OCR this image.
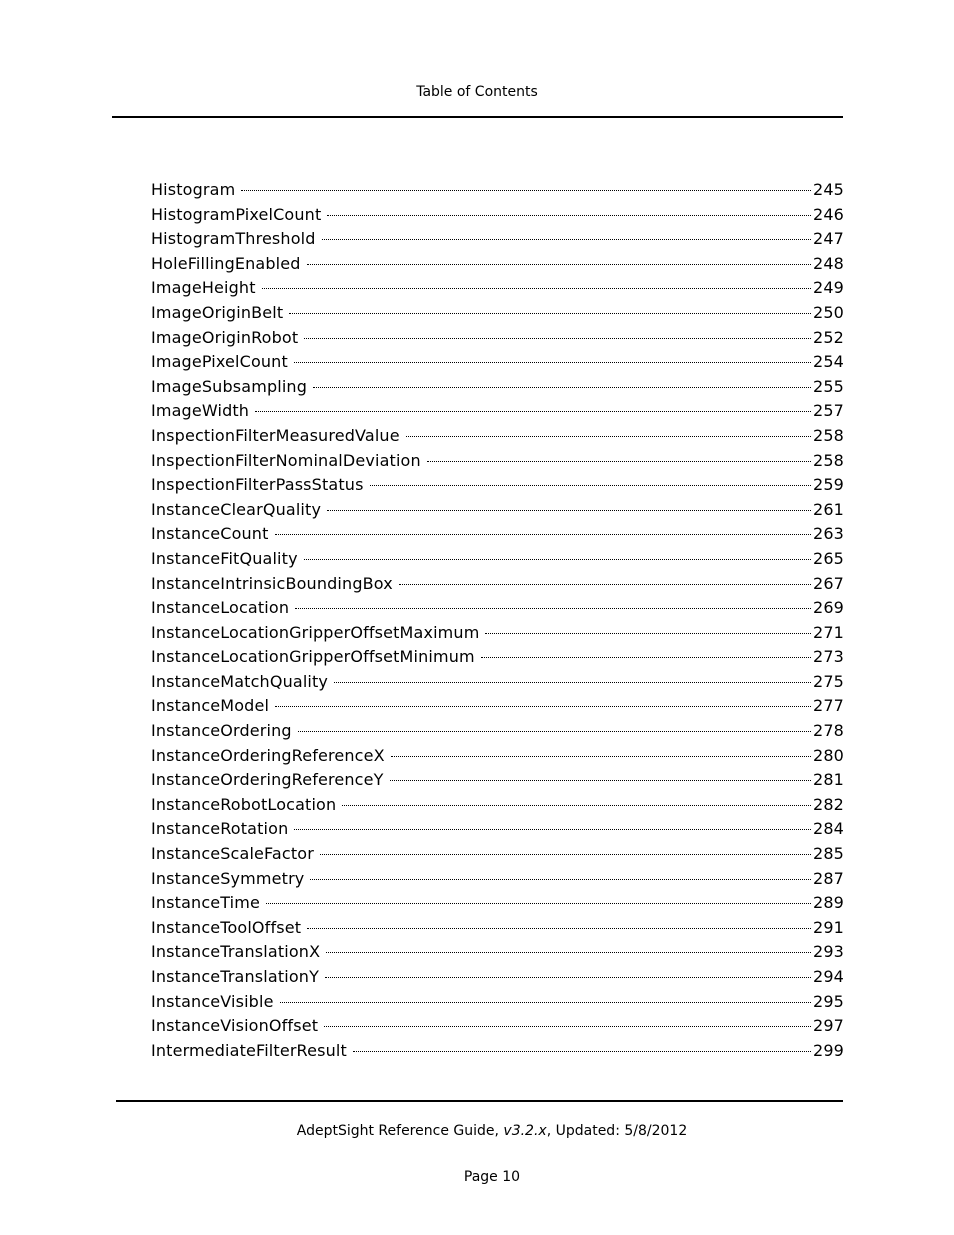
Table of Contents
Histogram	245
HistogramPixelCount	246
HistogramThreshold	247
HoleFillingEnabled	248
ImageHeight	249
ImageOriginBelt	250
ImageOriginRobot	252
ImagePixelCount	254
ImageSubsampling	255
ImageWidth	257
InspectionFilterMeasuredValue	258
InspectionFilterNominalDeviation	258
InspectionFilterPassStatus	259
InstanceClearQuality	261
InstanceCount	263
InstanceFitQuality	265
InstanceIntrinsicBoundingBox	267
InstanceLocation	269
InstanceLocationGripperOffsetMaximum	271
InstanceLocationGripperOffsetMinimum	273
InstanceMatchQuality	275
InstanceModel	277
InstanceOrdering	278
InstanceOrderingReferenceX	280
InstanceOrderingReferenceY	281
InstanceRobotLocation	282
InstanceRotation	284
InstanceScaleFactor	285
InstanceSymmetry	287
InstanceTime	289
InstanceToolOffset	291
InstanceTranslationX	293
InstanceTranslationY	294
InstanceVisible	295
InstanceVisionOffset	297
IntermediateFilterResult	299
AdeptSight Reference Guide, v3.2.x, Updated: 5/8/2012
Page 10
